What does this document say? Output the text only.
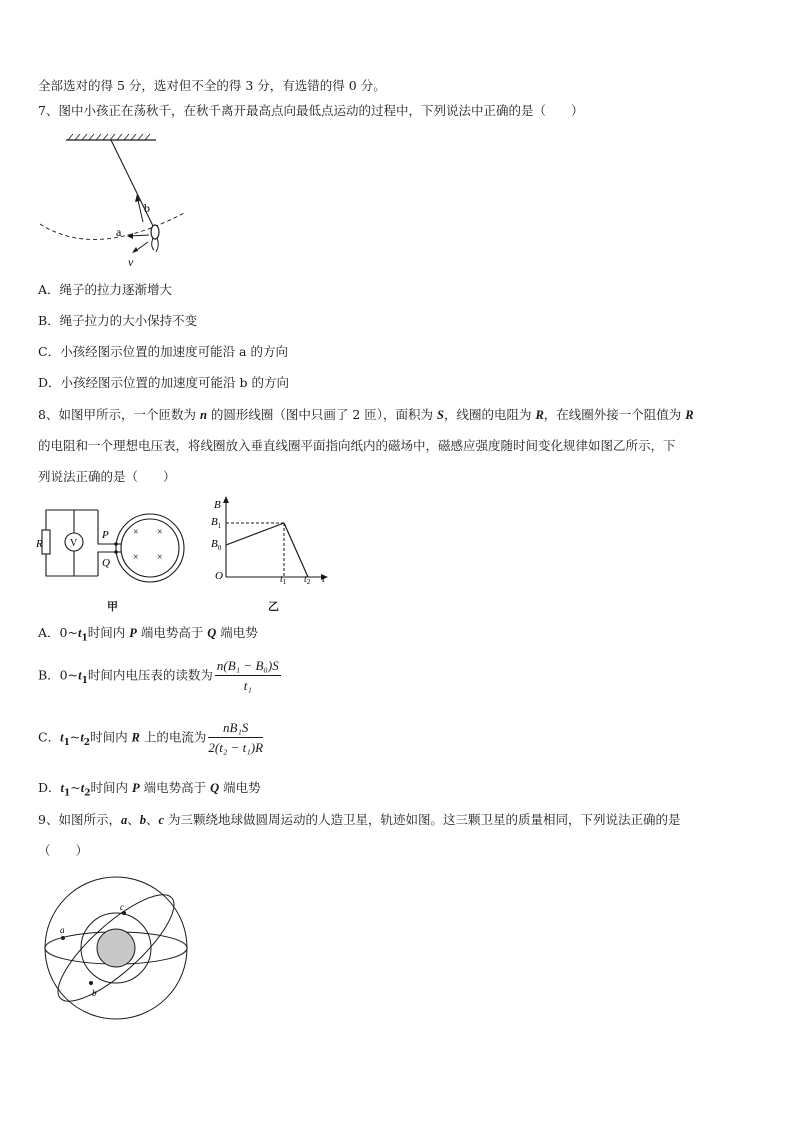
全部选对的得 5 分，选对但不全的得 3 分，有选错的得 0 分。
7、图中小孩正在荡秋千，在秋千离开最高点向最低点运动的过程中，下列说法中正确的是（　　）
b
a
v
A．绳子的拉力逐渐增大
B．绳子拉力的大小保持不变
C．小孩经图示位置的加速度可能沿 a 的方向
D．小孩经图示位置的加速度可能沿 b 的方向
8、如图甲所示，一个匝数为 n 的圆形线圈（图中只画了 2 匝），面积为 S，线圈的电阻为 R，在线圈外接一个阻值为 R
的电阻和一个理想电压表，将线圈放入垂直线圈平面指向纸内的磁场中，磁感应强度随时间变化规律如图乙所示，下
列说法正确的是（　　）
R	V
P
Q
× ×
× ×
甲
B
$B_1$
$B_0$
O	$t_1$ $t_2$ t
乙
A．$0\sim t_1$时间内 P 端电势高于 Q 端电势
B．$0\sim t_1$时间内电压表的读数为 $\frac{\text{n(B₁ − B₀)S}}{\text{t₁}}$
C．$t_1\sim t_2$时间内 R 上的电流为 $\frac{\text{nB₁S}}{\text{2(t₂ − t₁)R}}$
D．$t_1\sim t_2$时间内 P 端电势高于 Q 端电势
9、如图所示，a、b、c 为三颗绕地球做圆周运动的人造卫星，轨迹如图。这三颗卫星的质量相同，下列说法正确的是
（　　）
a
c
b
